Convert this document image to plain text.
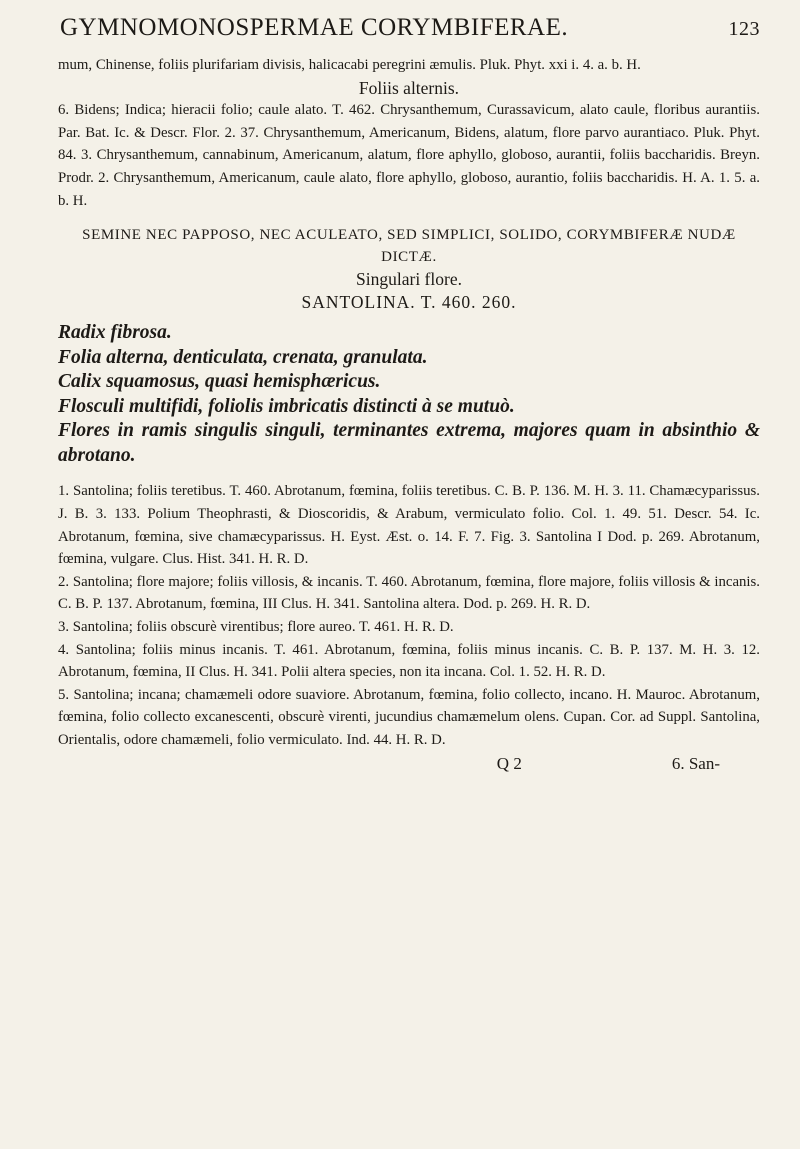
GYMNOMONOSPERMAE CORYMBIFERAE.	123

mum, Chinense, foliis plurifariam divisis, halicacabi peregrini æmulis. Pluk. Phyt. xxi i. 4. a. b. H.

Foliis alternis.

6. Bidens; Indica; hieracii folio; caule alato. T. 462. Chrysanthemum, Curassavicum, alato caule, floribus aurantiis. Par. Bat. Ic. & Descr. Flor. 2. 37. Chrysanthemum, Americanum, Bidens, alatum, flore parvo aurantiaco. Pluk. Phyt. 84. 3. Chrysanthemum, cannabinum, Americanum, alatum, flore aphyllo, globoso, aurantii, foliis baccharidis. Breyn. Prodr. 2. Chrysanthemum, Americanum, caule alato, flore aphyllo, globoso, aurantio, foliis baccharidis. H. A. 1. 5. a. b. H.

SEMINE NEC PAPPOSO, NEC ACULEATO, SED SIMPLICI, SOLIDO, CORYMBIFERÆ NUDÆ DICTÆ.

Singulari flore.

SANTOLINA. T. 460. 260.

Radix fibrosa.

Folia alterna, denticulata, crenata, granulata.

Calix squamosus, quasi hemisphæricus.

Flosculi multifidi, foliolis imbricatis distincti à se mutuò.

Flores in ramis singulis singuli, terminantes extrema, majores quam in absinthio & abrotano.

1. Santolina; foliis teretibus. T. 460. Abrotanum, fœmina, foliis teretibus. C. B. P. 136. M. H. 3. 11. Chamæcyparissus. J. B. 3. 133. Polium Theophrasti, & Dioscoridis, & Arabum, vermiculato folio. Col. 1. 49. 51. Descr. 54. Ic. Abrotanum, fœmina, sive chamæcyparissus. H. Eyst. Æst. o. 14. F. 7. Fig. 3. Santolina I Dod. p. 269. Abrotanum, fœmina, vulgare. Clus. Hist. 341. H. R. D.

2. Santolina; flore majore; foliis villosis, & incanis. T. 460. Abrotanum, fœmina, flore majore, foliis villosis & incanis. C. B. P. 137. Abrotanum, fœmina, III Clus. H. 341. Santolina altera. Dod. p. 269. H. R. D.

3. Santolina; foliis obscurè virentibus; flore aureo. T. 461. H. R. D.

4. Santolina; foliis minus incanis. T. 461. Abrotanum, fœmina, foliis minus incanis. C. B. P. 137. M. H. 3. 12. Abrotanum, fœmina, II Clus. H. 341. Polii altera species, non ita incana. Col. 1. 52. H. R. D.

5. Santolina; incana; chamæmeli odore suaviore. Abrotanum, fœmina, folio collecto, incano. H. Mauroc. Abrotanum, fœmina, folio collecto excanescenti, obscurè virenti, jucundius chamæmelum olens. Cupan. Cor. ad Suppl. Santolina, Orientalis, odore chamæmeli, folio vermiculato. Ind. 44. H. R. D.

Q 2	6. San-
